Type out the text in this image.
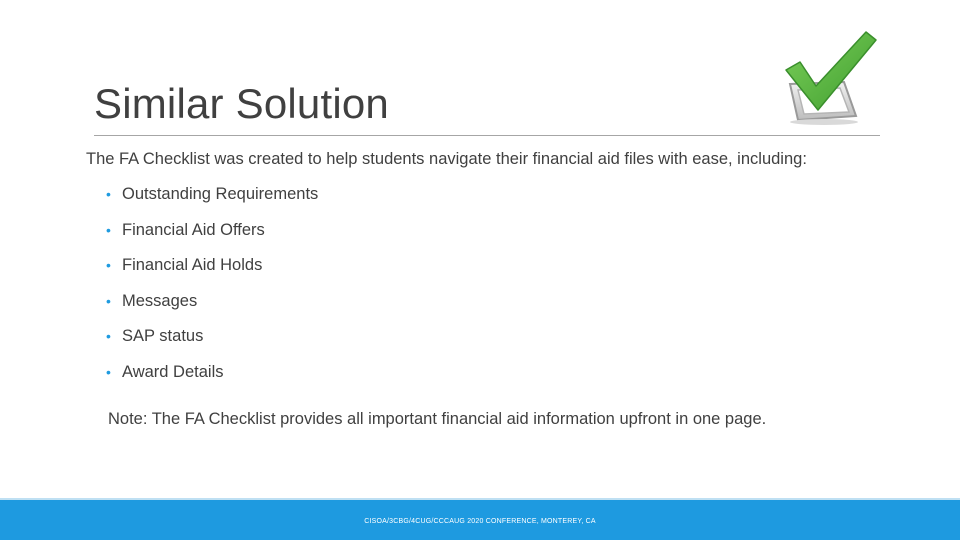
Similar Solution
The FA Checklist was created to help students navigate their financial aid files with ease, including:
• Outstanding Requirements
• Financial Aid Offers
• Financial Aid Holds
• Messages
• SAP status
• Award Details
Note: The FA Checklist provides all important financial aid information upfront in one page.
CISOA/3CBG/4CUG/CCCAUG 2020 CONFERENCE, MONTEREY, CA
